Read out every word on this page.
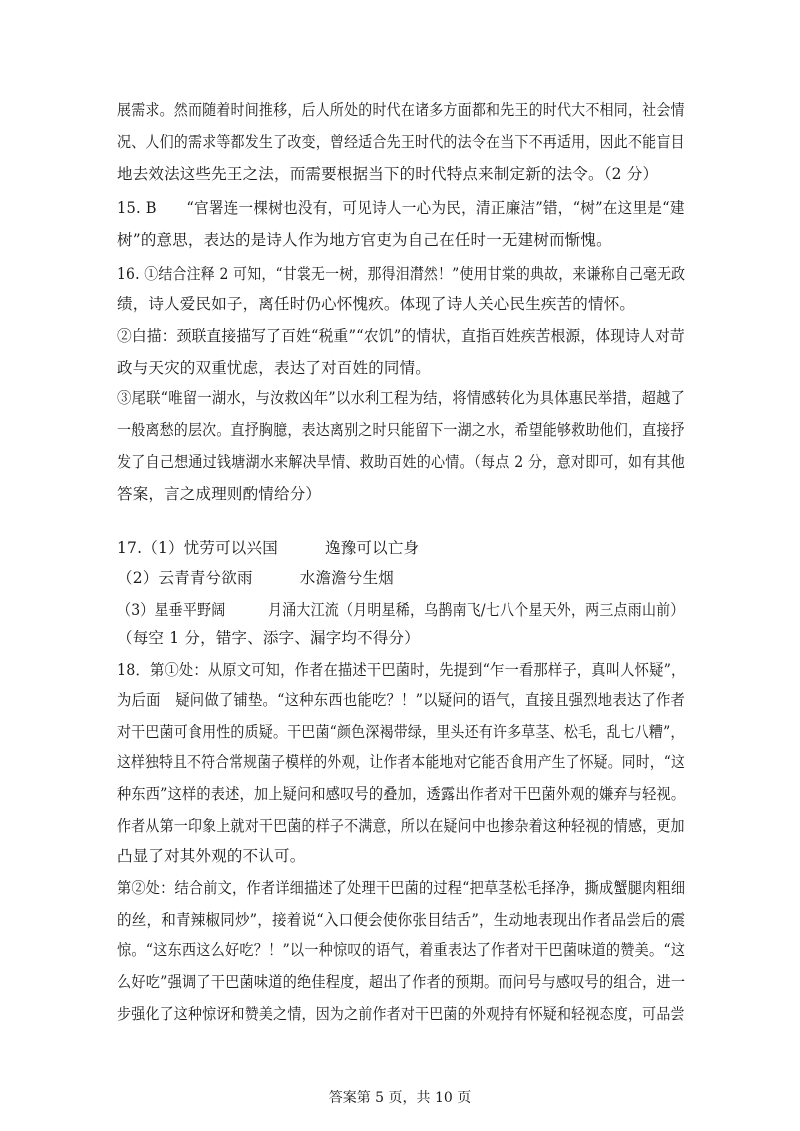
展需求。然而随着时间推移，后人所处的时代在诸多方面都和先王的时代大不相同，社会情
况、人们的需求等都发生了改变，曾经适合先王时代的法令在当下不再适用，因此不能盲目
地去效法这些先王之法，而需要根据当下的时代特点来制定新的法令。（2 分）
15. B　　“官署连一棵树也没有，可见诗人一心为民，清正廉洁”错，“树”在这里是“建
树”的意思，表达的是诗人作为地方官吏为自己在任时一无建树而惭愧。
16. ①结合注释 2 可知，“甘裳无一树，那得泪潸然！”使用甘棠的典故，来谦称自己毫无政
绩，诗人爱民如子，离任时仍心怀愧疚。体现了诗人关心民生疾苦的情怀。
②白描：颈联直接描写了百姓“税重”“农饥”的情状，直指百姓疾苦根源，体现诗人对苛
政与天灾的双重忧虑，表达了对百姓的同情。
③尾联“唯留一湖水，与汝救凶年”以水利工程为结，将情感转化为具体惠民举措，超越了
一般离愁的层次。直抒胸臆，表达离别之时只能留下一湖之水，希望能够救助他们，直接抒
发了自己想通过钱塘湖水来解决旱情、救助百姓的心情。（每点 2 分，意对即可，如有其他
答案，言之成理则酌情给分）
17.（1）忧劳可以兴国　　　逸豫可以亡身
（2）云青青兮欲雨　　　水澹澹兮生烟
（3）星垂平野阔　　　月涌大江流（月明星稀，乌鹊南飞/七八个星天外，两三点雨山前）
（每空 1 分，错字、添字、漏字均不得分）
18．第①处：从原文可知，作者在描述干巴菌时，先提到“乍一看那样子，真叫人怀疑”，
为后面　疑问做了铺垫。“这种东西也能吃？！”以疑问的语气，直接且强烈地表达了作者
对干巴菌可食用性的质疑。干巴菌“颜色深褐带绿，里头还有许多草茎、松毛，乱七八糟”，
这样独特且不符合常规菌子模样的外观，让作者本能地对它能否食用产生了怀疑。同时，“这
种东西”这样的表述，加上疑问和感叹号的叠加，透露出作者对干巴菌外观的嫌弃与轻视。
作者从第一印象上就对干巴菌的样子不满意，所以在疑问中也掺杂着这种轻视的情感，更加
凸显了对其外观的不认可。
第②处：结合前文，作者详细描述了处理干巴菌的过程“把草茎松毛择净，撕成蟹腿肉粗细
的丝，和青辣椒同炒”，接着说“入口便会使你张目结舌”，生动地表现出作者品尝后的震
惊。“这东西这么好吃？！”以一种惊叹的语气，着重表达了作者对干巴菌味道的赞美。“这
么好吃”强调了干巴菌味道的绝佳程度，超出了作者的预期。而问号与感叹号的组合，进一
步强化了这种惊讶和赞美之情，因为之前作者对干巴菌的外观持有怀疑和轻视态度，可品尝
答案第 5 页，共 10 页
